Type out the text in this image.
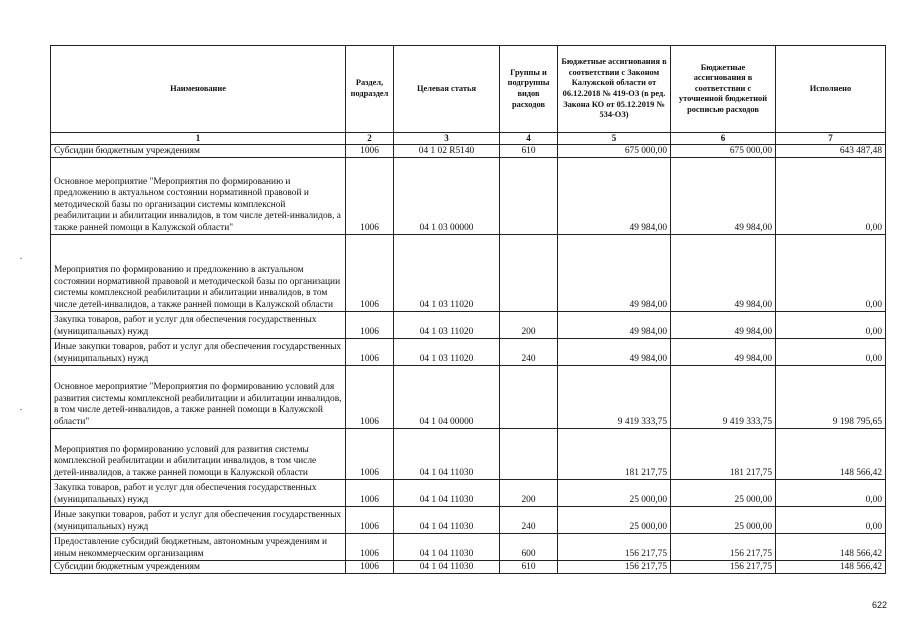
Наименование	Раздел, подраздел	Целевая статья	Группы и подгруппы видов расходов	Бюджетные ассигнования в соответствии с Законом Калужской области от 06.12.2018 № 419-ОЗ (в ред. Закона КО от 05.12.2019 № 534-ОЗ)	Бюджетные ассигнования в соответствии с уточненной бюджетной росписью расходов	Исполнено
1	2	3	4	5	6	7
Субсидии бюджетным учреждениям	1006	04 1 02 R5140	610	675 000,00	675 000,00	643 487,48
Основное мероприятие "Мероприятия по формированию и предложению в актуальном состоянии нормативной правовой и методической базы по организации системы комплексной реабилитации и абилитации инвалидов, в том числе детей-инвалидов, а также ранней помощи в Калужской области"	1006	04 1 03 00000		49 984,00	49 984,00	0,00
Мероприятия по формированию и предложению в актуальном состоянии нормативной правовой и методической базы по организации системы комплексной реабилитации и абилитации инвалидов, в том числе детей-инвалидов, а также ранней помощи в Калужской области	1006	04 1 03 11020		49 984,00	49 984,00	0,00
Закупка товаров, работ и услуг для обеспечения государственных (муниципальных) нужд	1006	04 1 03 11020	200	49 984,00	49 984,00	0,00
Иные закупки товаров, работ и услуг для обеспечения государственных (муниципальных) нужд	1006	04 1 03 11020	240	49 984,00	49 984,00	0,00
Основное мероприятие "Мероприятия по формированию условий для развития системы комплексной реабилитации и абилитации инвалидов, в том числе детей-инвалидов, а также ранней помощи в Калужской области"	1006	04 1 04 00000		9 419 333,75	9 419 333,75	9 198 795,65
Мероприятия по формированию условий для развития системы комплексной реабилитации и абилитации инвалидов, в том числе детей-инвалидов, а также ранней помощи в Калужской области	1006	04 1 04 11030		181 217,75	181 217,75	148 566,42
Закупка товаров, работ и услуг для обеспечения государственных (муниципальных) нужд	1006	04 1 04 11030	200	25 000,00	25 000,00	0,00
Иные закупки товаров, работ и услуг для обеспечения государственных (муниципальных) нужд	1006	04 1 04 11030	240	25 000,00	25 000,00	0,00
Предоставление субсидий бюджетным, автономным учреждениям и иным некоммерческим организациям	1006	04 1 04 11030	600	156 217,75	156 217,75	148 566,42
Субсидии бюджетным учреждениям	1006	04 1 04 11030	610	156 217,75	156 217,75	148 566,42
622
